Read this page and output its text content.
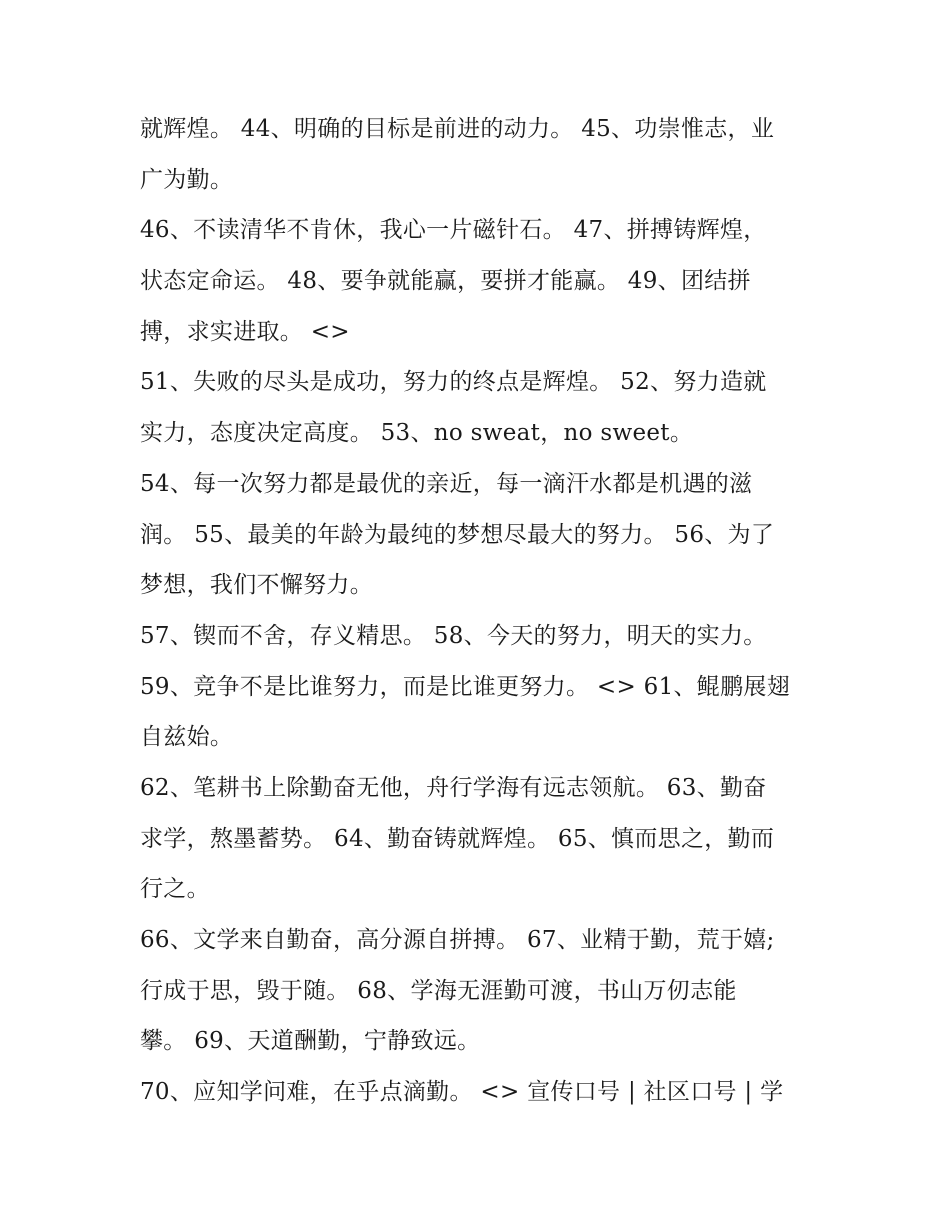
就辉煌。 44、明确的目标是前进的动力。 45、功崇惟志，业
广为勤。
46、不读清华不肯休，我心一片磁针石。 47、拼搏铸辉煌，
状态定命运。 48、要争就能赢，要拼才能赢。 49、团结拼
搏，求实进取。 <>
51、失败的尽头是成功，努力的终点是辉煌。 52、努力造就
实力，态度决定高度。 53、no sweat，no sweet。
54、每一次努力都是最优的亲近，每一滴汗水都是机遇的滋
润。 55、最美的年龄为最纯的梦想尽最大的努力。 56、为了
梦想，我们不懈努力。
57、锲而不舍，存义精思。 58、今天的努力，明天的实力。
59、竞争不是比谁努力，而是比谁更努力。 <> 61、鲲鹏展翅
自兹始。
62、笔耕书上除勤奋无他，舟行学海有远志领航。 63、勤奋
求学，熬墨蓄势。 64、勤奋铸就辉煌。 65、慎而思之，勤而
行之。
66、文学来自勤奋，高分源自拼搏。 67、业精于勤，荒于嬉;
行成于思，毁于随。 68、学海无涯勤可渡，书山万仞志能
攀。 69、天道酬勤，宁静致远。
70、应知学问难，在乎点滴勤。 <> 宣传口号 | 社区口号 | 学
